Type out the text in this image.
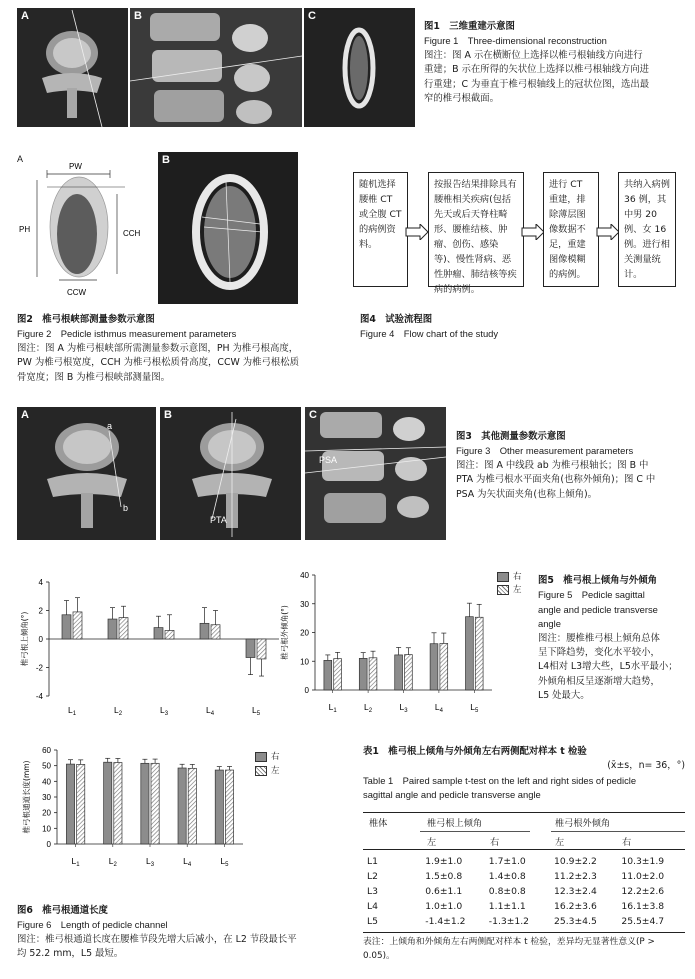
A	B	C

图1　三维重建示意图

Figure 1　Three-dimensional reconstruction

图注：图 A 示在横断位上选择以椎弓根轴线方向进行

重建；B 示在所得的矢状位上选择以椎弓根轴线方向进

行重建；C 为垂直于椎弓根轴线上的冠状位图，选出最

窄的椎弓根截面。

A
PW
PH	CCH
CCW
B

图2　椎弓根峡部测量参数示意图

Figure 2　Pedicle isthmus measurement parameters

图注：图 A 为椎弓根峡部所需测量参数示意图，PH 为椎弓根高度，

PW 为椎弓根宽度，CCH 为椎弓根松质骨高度，CCW 为椎弓根松质

骨宽度；图 B 为椎弓根峡部测量图。

随机选择腰椎 CT 或全腹 CT 的病例资料。
按报告结果排除具有腰椎相关疾病(包括先天或后天脊柱畸形、腰椎结核、肿瘤、创伤、感染等)、慢性肾病、恶性肿瘤、肺结核等疾病的病例。
进行 CT 重建，排除薄层图像数据不足，重建图像模糊的病例。
共纳入病例 36 例，其中男 20 例、女 16 例。进行相关测量统计。

图4　试验流程图

Figure 4　Flow chart of the study

a
b
A
PTA
B
PSA
C

图3　其他测量参数示意图

Figure 3　Other measurement parameters

图注：图 A 中线段 ab 为椎弓根轴长；图 B 中

PTA 为椎弓根水平面夹角(也称外倾角)；图 C 中

PSA 为矢状面夹角(也称上倾角)。

-4
-2
0
2
4
椎弓根上倾角(°)
$L_1$	$L_2$	$L_3$	$L_4$	$L_5$
0
10
20
30
40
椎弓根外倾角(°)
$L_1$	$L_2$	$L_3$	$L_4$	$L_5$
右
左

图5　椎弓根上倾角与外倾角

Figure 5　Pedicle sagittal

angle and pedicle transverse

angle

图注：腰椎椎弓根上倾角总体

呈下降趋势，变化水平较小，

L4相对 L3增大些，L5水平最小；

外倾角相反呈逐渐增大趋势，

L5 处最大。

0
10
20
30
40
50
60
椎弓根通道长度(mm)
$L_1$	$L_2$	$L_3$	$L_4$	$L_5$
右
左

图6　椎弓根通道长度

Figure 6　Length of pedicle channel

图注：椎弓根通道长度在腰椎节段先增大后减小，在 L2 节段最长平

均 52.2 mm，L5 最短。

表1　椎弓根上倾角与外倾角左右两侧配对样本 t 检验

(x̄±s，n= 36，°)

Table 1　Paired sample t-test on the left and right sides of pedicle

sagittal angle and pedicle transverse angle

椎体	椎弓根上倾角	椎弓根外倾角
左	右	左	右
L1	1.9±1.0	1.7±1.0	10.9±2.2	10.3±1.9
L2	1.5±0.8	1.4±0.8	11.2±2.3	11.0±2.0
L3	0.6±1.1	0.8±0.8	12.3±2.4	12.2±2.6
L4	1.0±1.0	1.1±1.1	16.2±3.6	16.1±3.8
L5	-1.4±1.2	-1.3±1.2	25.3±4.5	25.5±4.7

表注：上倾角和外倾角左右两侧配对样本 t 检验，差异均无显著性意义(P >

0.05)。
